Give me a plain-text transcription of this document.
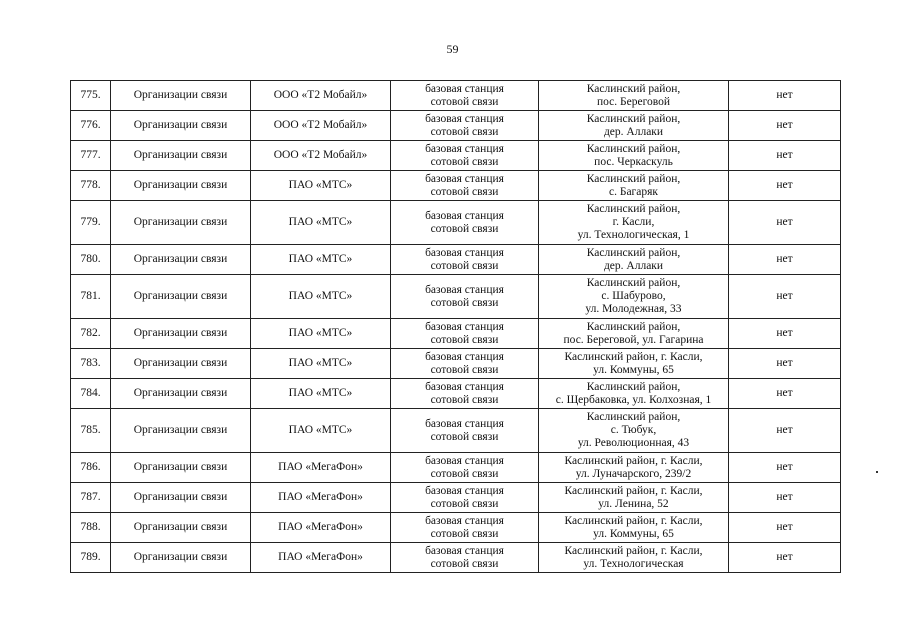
59
775.	Организации связи	ООО «Т2 Мобайл»	базовая станция
сотовой связи	Каслинский район,
пос. Береговой	нет
776.	Организации связи	ООО «Т2 Мобайл»	базовая станция
сотовой связи	Каслинский район,
дер. Аллаки	нет
777.	Организации связи	ООО «Т2 Мобайл»	базовая станция
сотовой связи	Каслинский район,
пос. Черкаскуль	нет
778.	Организации связи	ПАО «МТС»	базовая станция
сотовой связи	Каслинский район,
с. Багаряк	нет
779.	Организации связи	ПАО «МТС»	базовая станция
сотовой связи	Каслинский район,
г. Касли,
ул. Технологическая, 1	нет
780.	Организации связи	ПАО «МТС»	базовая станция
сотовой связи	Каслинский район,
дер. Аллаки	нет
781.	Организации связи	ПАО «МТС»	базовая станция
сотовой связи	Каслинский район,
с. Шабурово,
ул. Молодежная, 33	нет
782.	Организации связи	ПАО «МТС»	базовая станция
сотовой связи	Каслинский район,
пос. Береговой, ул. Гагарина	нет
783.	Организации связи	ПАО «МТС»	базовая станция
сотовой связи	Каслинский район, г. Касли,
ул. Коммуны, 65	нет
784.	Организации связи	ПАО «МТС»	базовая станция
сотовой связи	Каслинский район,
с. Щербаковка, ул. Колхозная, 1	нет
785.	Организации связи	ПАО «МТС»	базовая станция
сотовой связи	Каслинский район,
с. Тюбук,
ул. Революционная, 43	нет
786.	Организации связи	ПАО «МегаФон»	базовая станция
сотовой связи	Каслинский район, г. Касли,
ул. Луначарского, 239/2	нет
787.	Организации связи	ПАО «МегаФон»	базовая станция
сотовой связи	Каслинский район, г. Касли,
ул. Ленина, 52	нет
788.	Организации связи	ПАО «МегаФон»	базовая станция
сотовой связи	Каслинский район, г. Касли,
ул. Коммуны, 65	нет
789.	Организации связи	ПАО «МегаФон»	базовая станция
сотовой связи	Каслинский район, г. Касли,
ул. Технологическая	нет
